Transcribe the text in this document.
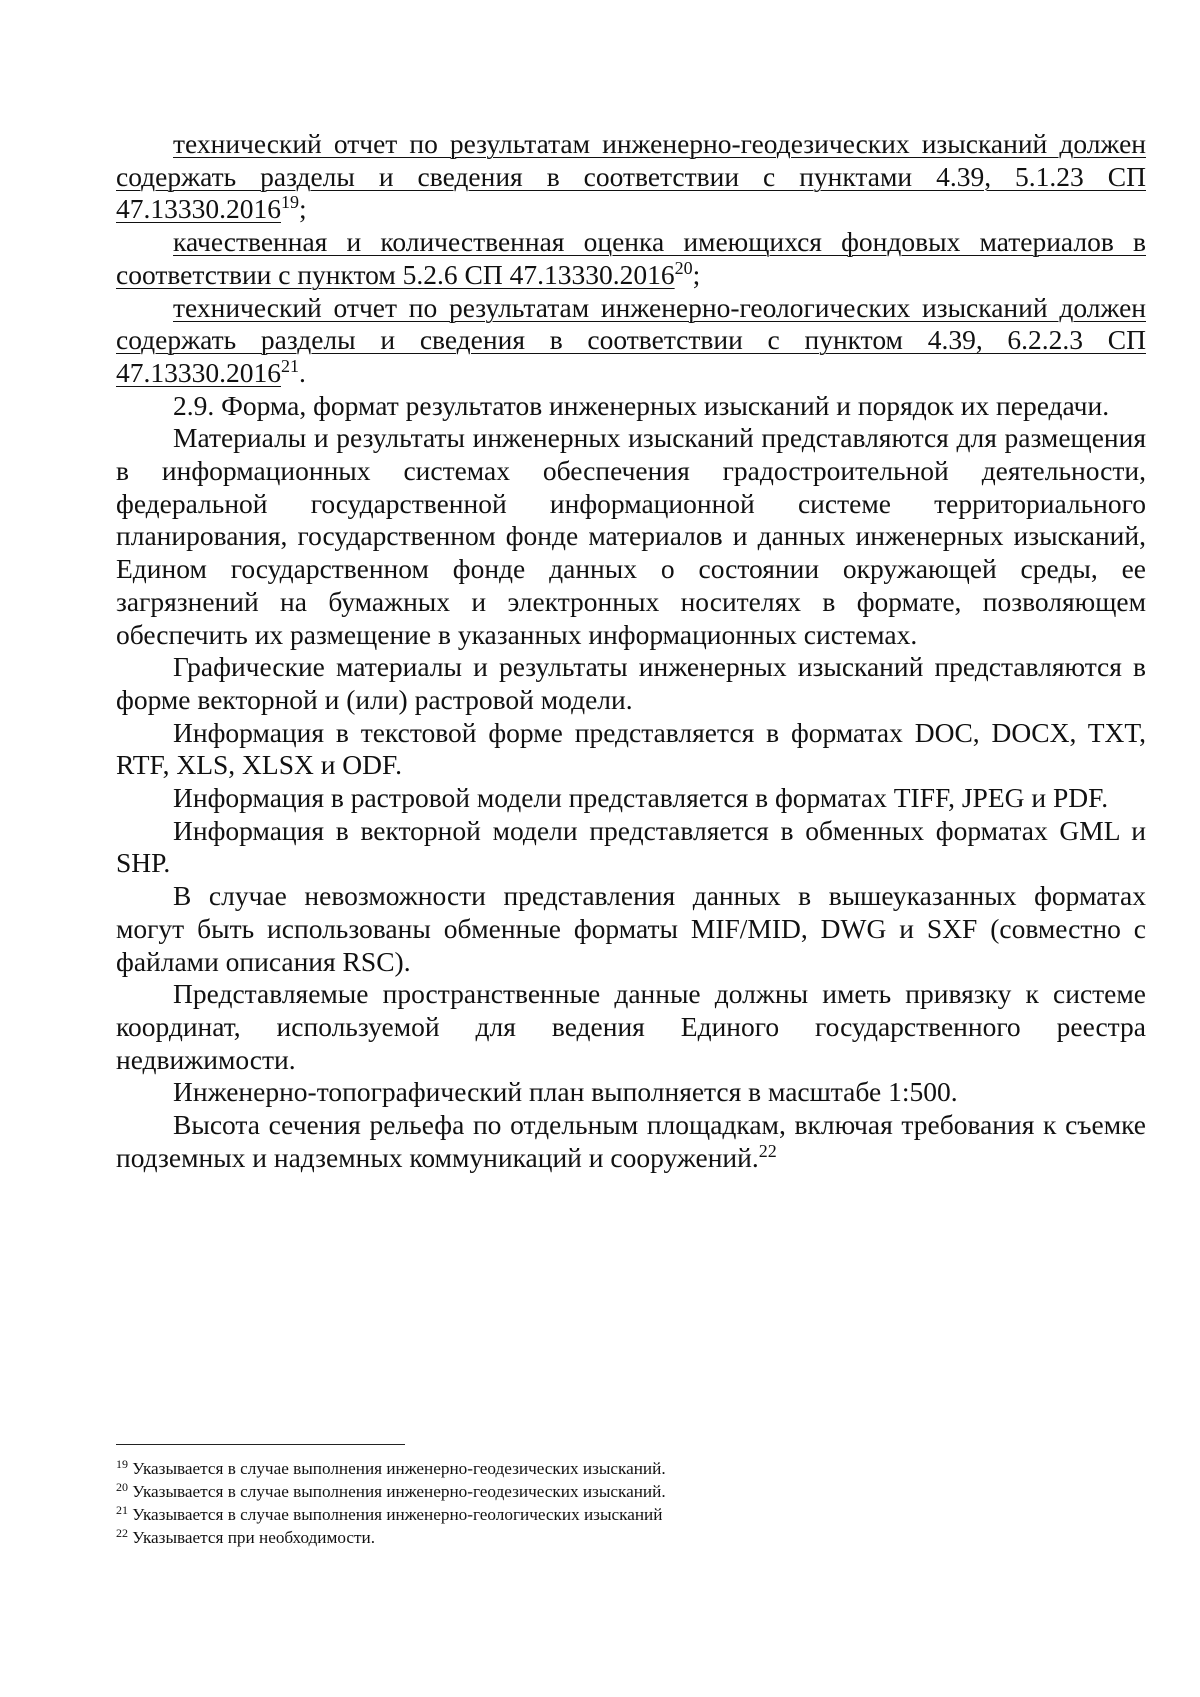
технический отчет по результатам инженерно-геодезических изысканий должен содержать разделы и сведения в соответствии с пунктами 4.39, 5.1.23 СП 47.13330.2016$^{19}$;

качественная и количественная оценка имеющихся фондовых материалов в соответствии с пунктом 5.2.6 СП 47.13330.2016$^{20}$;

технический отчет по результатам инженерно-геологических изысканий должен содержать разделы и сведения в соответствии с пунктом 4.39, 6.2.2.3 СП 47.13330.2016$^{21}$.

2.9. Форма, формат результатов инженерных изысканий и порядок их передачи.

Материалы и результаты инженерных изысканий представляются для размещения в информационных системах обеспечения градостроительной деятельности, федеральной государственной информационной системе территориального планирования, государственном фонде материалов и данных инженерных изысканий, Едином государственном фонде данных о состоянии окружающей среды, ее загрязнений на бумажных и электронных носителях в формате, позволяющем обеспечить их размещение в указанных информационных системах.

Графические материалы и результаты инженерных изысканий представляются в форме векторной и (или) растровой модели.

Информация в текстовой форме представляется в форматах DOC, DOCX, TXT, RTF, XLS, XLSX и ODF.

Информация в растровой модели представляется в форматах TIFF, JPEG и PDF.

Информация в векторной модели представляется в обменных форматах GML и SHP.

В случае невозможности представления данных в вышеуказанных форматах могут быть использованы обменные форматы MIF/MID, DWG и SXF (совместно с файлами описания RSC).

Представляемые пространственные данные должны иметь привязку к системе координат, используемой для ведения Единого государственного реестра недвижимости.

Инженерно-топографический план выполняется в масштабе 1:500.

Высота сечения рельефа по отдельным площадкам, включая требования к съемке подземных и надземных коммуникаций и сооружений.$^{22}$

$^{19}$ Указывается в случае выполнения инженерно-геодезических изысканий.

$^{20}$ Указывается в случае выполнения инженерно-геодезических изысканий.

$^{21}$ Указывается в случае выполнения инженерно-геологических изысканий

$^{22}$ Указывается при необходимости.
